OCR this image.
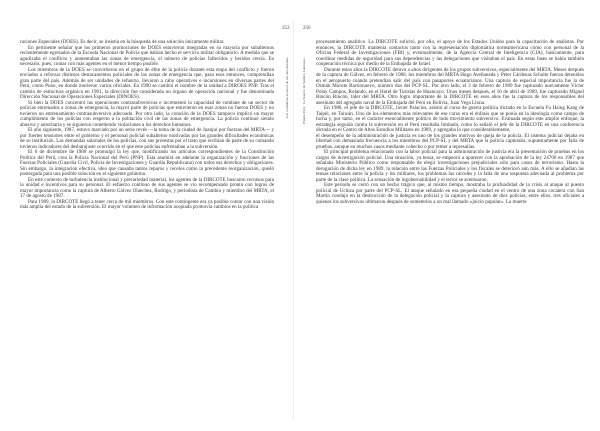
253
Los verdaderos alcances de los movimientos
256
Planeta Perú · La 'Guerra' de Sendero Luminoso

raciones Especiales (DOES). Es decir, se insistía en la búsqueda de una solución únicamente militar.

En pertinente señalar que los primeros promociones de DOES estuvieron integradas en su mayoría por subalternos recientemente egresados de la Escuela Nacional de Policía que habían hecho el servicio militar obligatorio. A medida que se agudizaba el conflicto y aumentaban las zonas de emergencia, el número de policías fallecidos y heridos crecía. En necesario, pues, contar con más agentes en el menor tiempo posible.

Los miembros de la DOES se convirtieron en el grupo de élite de la policía durante esta etapa del conflicto y fueron enviados a reforzar distintos destacamentos policiales de las zonas de emergencia que, pasa esos entonces, comprendían gran parte del país. Además de ser unidades de refuerzo, llevaron a cabo operativos e incursiones en diversas partes del Perú, como Puno, en donde murieron varios oficiales. En 1990 se cambió el nombre de la unidad a DIROES PNP. Tras el cambio de estructura orgánica en 1991, la dirección fue considerada un órgano de operación nacional y fue denominada Dirección Nacional de Operaciones Especiales (DINOES).

Si bien la DOES concentró las operaciones contrasubversivas e incrementó la capacidad de combate de un sector de policías entrenados a zonas de emergencia, la mayor parte de policías que estuvieron en esas zonas no fueron DOES y no tuvieron un entrenamiento contrasubversivo adecuado. Por otro lado, la creación de la DOES tampoco implicó un mayor cumplimiento de los policías con respecto a la población civil de las zonas de emergencia. La policía continuó siendo abusiva y autoritaria y se siguieron cometiendo violaciones a los derechos humanos.

El año siguiente, 1987, estuvo marcado por un serie revés —la toma de la ciudad de Juanjuí por fuerzas del MRTA— y por fuertes tensiones entre el gobierno y el personal policial subalterno motivadas por las grandes dificultades económicas de su institución. Las demandas salariales de los policías, con sus protestas por el trato que recibían de parte de su comando tuvieron indicadores del desbarajuste ocurrido en el que este policías enfrentaban a la subversión.

El 6 de diciembre de 1988 se promulgó la ley que, modificando los artículos correspondientes de la Constitución Política del Perú, crea la Policía Nacional del Perú (PNP). Esta asumirá en adelante la organización y funciones de las Fuerzas Policiales (Guardia Civil, Policía de Investigaciones y Guardia Republicana) con todos sus derechos y obligaciones. Sin embargo, la integración efectiva, idea que causaba tantos reparos y recelos como la precedente reorganización, quedó postergada para una posible solución en el siguiente gobierno.

En este contexto de turbulencia institucional y precariedad material, los agentes de la DIRCOTE buscaron recursos para la unidad e incentivos para su personal. El esfuerzo continuo de sus agentes se vio recompensado pronto con logros de mayor importancia como la captura de Alberto Gálvez Olaechea, Rodrigo, y periodista de Cambio y miembro del MRTA, el 17 de agosto de 1987.

Para 1989, la DIRCOTE llegó a tener cerca de mil miembros. Con este contingente era ya posible contar con una visión más amplia del estado de la subversión. El mayor volumen de información acopiada promovía cambios en la política

procesamiento analítico. La DIRCOTE solicitó, por ello, el apoyo de los Estados Unidos para la capacitación de analistas. Por entonces, la DIRCOTE mantenía contactos tanto con la representación diplomática norteamericana como con personal de la Oficina Federal de Investigaciones (FBI) y, eventualmente, de la Agencia Central de Inteligencia (CIA), básicamente, para coordinar medidas de seguridad para sus dependencias y las delegaciones que visitaban el país. En estas fases se había también cooperación técnica por medio de la Embajada de Israel.

Durante estos años la DIRCOTE detuvo a altos dirigentes de los grupos subversivos, especialmente del MRTA. Meses después de la captura de Gálvez, en febrero de 1988, los miembros del MRTA Hugo Avellaneda y Peter Cárdenas Schulte fueron detenidos en el aeropuerto cuando pretendían salir del país con pasaportes ecuatorianos. Una captura de especial importancia fue la de Osmán Morote Barrionuevo, número dos del PCP-SL. Por otro lado, el 3 de febrero de 1989 fue capturado nuevamente Víctor Polay Campos, Rolando, en el Hotel de Turistas de Huancayo. Unos meses después, el 16 de abril de 1989, fue capturado Miguel Rincón Rincón, líder del MRTA. Otro logro importante de la DIRCOTE en esos años fue la captura de los responsables del asesinato del agregado naval de la Embajada del Perú en Bolivia, Juan Vega Llona.

En 1988, el jefe de la DIRCOTE, Javier Palacios, asistió al curso de guerra política dictado en la Escuela Fu Hsing Kang de Taipéi, en Taiwán. Uno de los elementos más relevantes de ese curso era el énfasis que se ponía en la ideología como campo de lucha y, por tanto, en el carácter esencialmente político de todo movimiento subversivo. Evaluada según este amplio enfoque, la estrategia seguida contra la subversión en el Perú resultaba limitada, como lo señaló el jefe de la DIRCOTE en una conferencia dictada en el Centro de Altos Estudios Militares en 1989, y agregaba lo que considerablemente,

el desempeño de la administración de justicia es uno de los grandes motivos de queja de la policía. El sistema judicial dejaba en libertad con demasiada frecuencia a los miembros del PCP-SL y del MRTA que la policía capturaba, supuestamente por falta de pruebas, aunque en muchos casos mediante cohecho o por temer a represalias.

El principal problema relacionado con la labor policial para la administración de justicia era la presentación de pruebas en los cargos de investigación policial. Una situación, ya tensa, se empeoró a aparecer con la aprobación de la ley 24700 en 1987 que señalaba Ministerio Público como responsable de elegir investigaciones prejudiciales sólo para casos de terrorismo. Hasta la derogación de dicha ley en 1989, la relación entre las Fuerzas Policiales y los fiscales se deterioró aún más. A ello se añadían las tensas relaciones entre la policía y los militares, los problemas las cárceles y la falta de una respuesta adecuada al problema por parte de la clase política. La sensación de ingobernabilidad y el terror se acentuaron.

Este período se cerró con un hecho trágico que, al mismo tiempo, mostraba la profundidad de la crisis al ataque al puesto policial de Uchiza por parte del PCP-SL. El ataque señalado en esa pequeña ciudad en el centro de una zona cocalera con San Martín condujo en la destrucción de la delegación policial y la captura y asesinato de diez policías, entre ellos, tres oficiales a quienes los subversivos ultimaron después de someterlos a un mal llamado «juicio popular». La muerte
